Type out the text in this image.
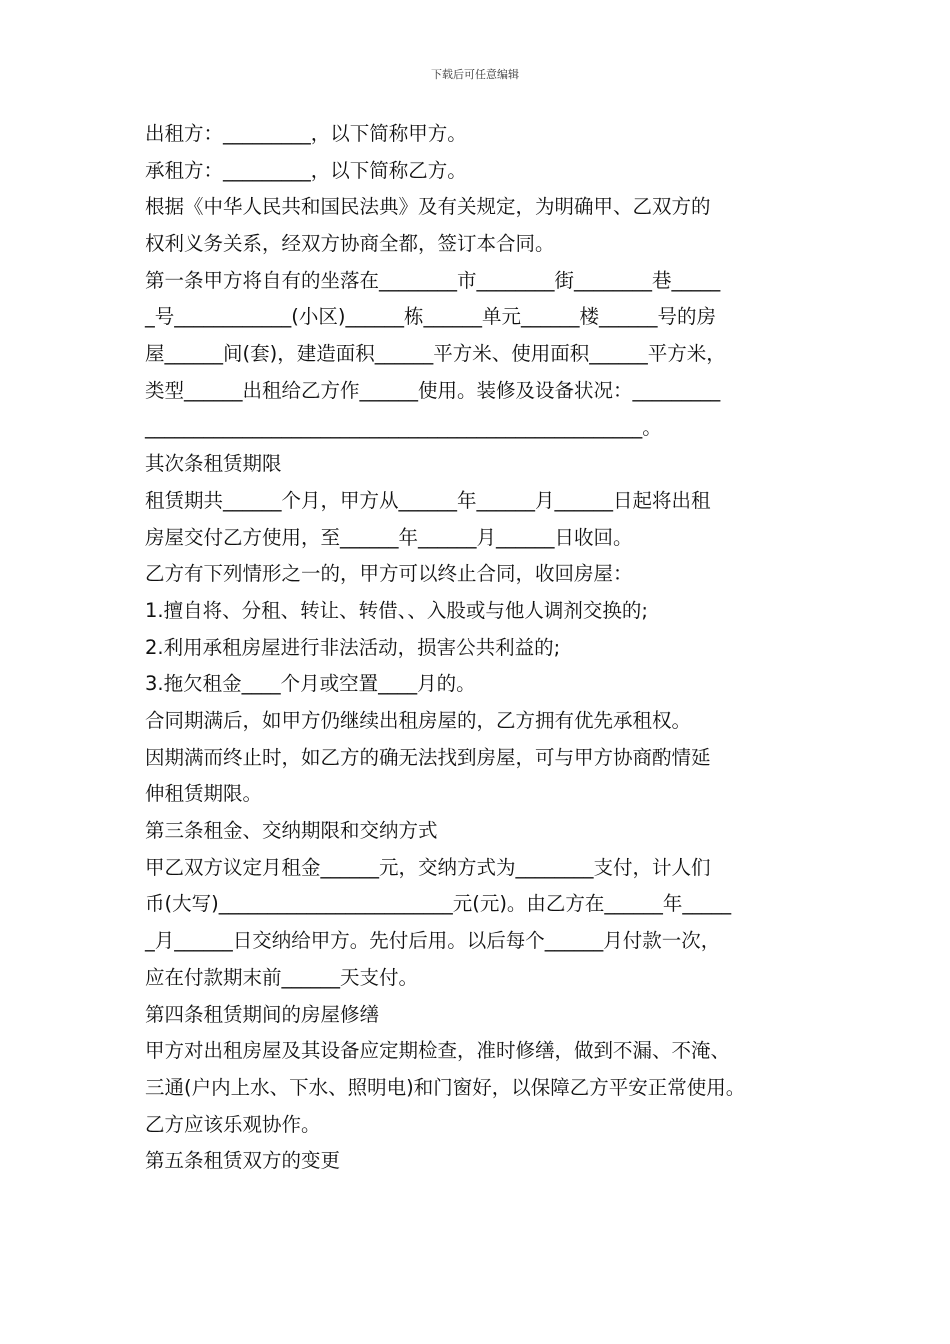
下载后可任意编辑
出租方：_________，以下简称甲方。
承租方：_________，以下简称乙方。
根据《中华人民共和国民法典》及有关规定，为明确甲、乙双方的
权利义务关系，经双方协商全都，签订本合同。
第一条甲方将自有的坐落在________市________街________巷_____
_号____________(小区)______栋______单元______楼______号的房
屋______间(套)，建造面积______平方米、使用面积______平方米，
类型______出租给乙方作______使用。装修及设备状况：_________
___________________________________________________。
其次条租赁期限
租赁期共______个月，甲方从______年______月______日起将出租
房屋交付乙方使用，至______年______月______日收回。
乙方有下列情形之一的，甲方可以终止合同，收回房屋：
1.擅自将、分租、转让、转借、、入股或与他人调剂交换的;
2.利用承租房屋进行非法活动，损害公共利益的;
3.拖欠租金____个月或空置____月的。
合同期满后，如甲方仍继续出租房屋的，乙方拥有优先承租权。
因期满而终止时，如乙方的确无法找到房屋，可与甲方协商酌情延
伸租赁期限。
第三条租金、交纳期限和交纳方式
甲乙双方议定月租金______元，交纳方式为________支付，计人们
币(大写)________________________元(元)。由乙方在______年_____
_月______日交纳给甲方。先付后用。以后每个______月付款一次，
应在付款期末前______天支付。
第四条租赁期间的房屋修缮
甲方对出租房屋及其设备应定期检查，准时修缮，做到不漏、不淹、
三通(户内上水、下水、照明电)和门窗好，以保障乙方平安正常使用。
乙方应该乐观协作。
第五条租赁双方的变更
